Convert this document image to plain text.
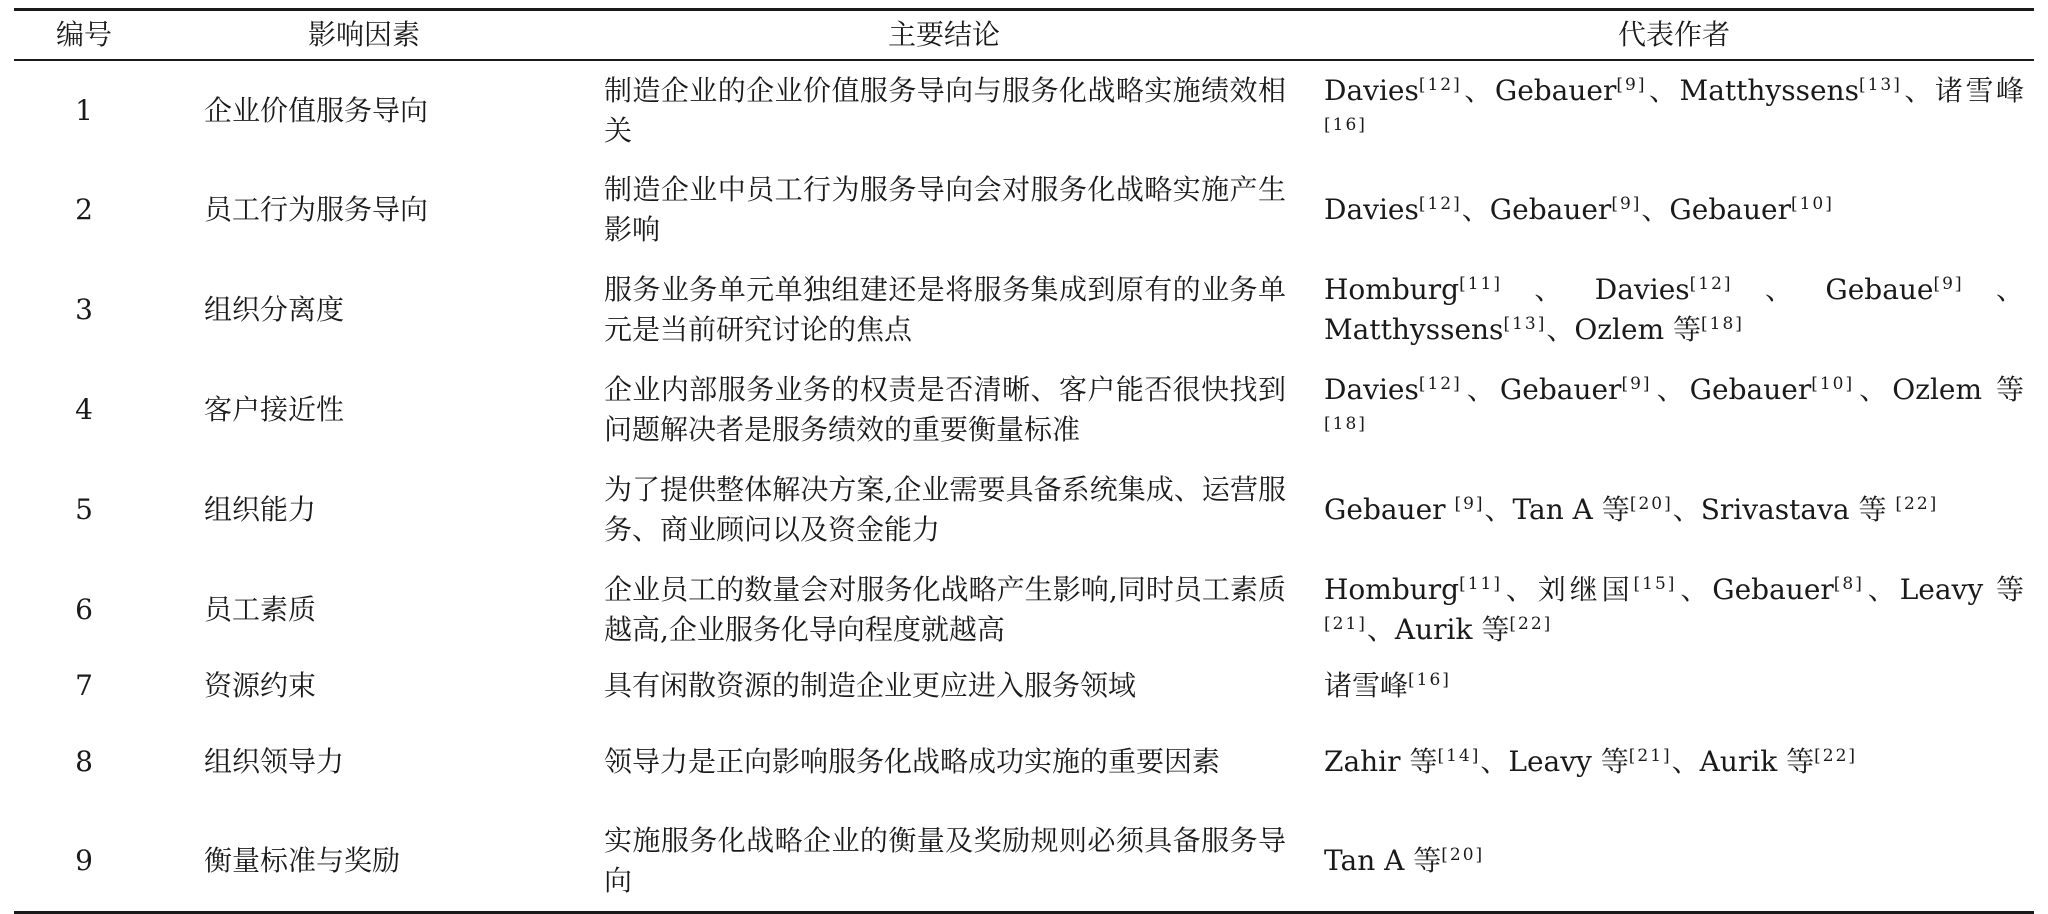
编号	影响因素	主要结论	代表作者
1	企业价值服务导向	制造企业的企业价值服务导向与服务化战略实施绩效相关	Davies[12]、Gebauer[9]、Matthyssens[13]、诸雪峰[16]
2	员工行为服务导向	制造企业中员工行为服务导向会对服务化战略实施产生影响	Davies[12]、Gebauer[9]、Gebauer[10]
3	组织分离度	服务业务单元单独组建还是将服务集成到原有的业务单元是当前研究讨论的焦点	Homburg[11]、Davies[12]、Gebaue[9]、Matthyssens[13]、Ozlem 等[18]
4	客户接近性	企业内部服务业务的权责是否清晰、客户能否很快找到问题解决者是服务绩效的重要衡量标准	Davies[12]、Gebauer[9]、Gebauer[10]、Ozlem 等[18]
5	组织能力	为了提供整体解决方案,企业需要具备系统集成、运营服务、商业顾问以及资金能力	Gebauer [9]、Tan A 等[20]、Srivastava 等 [22]
6	员工素质	企业员工的数量会对服务化战略产生影响,同时员工素质越高,企业服务化导向程度就越高	Homburg[11]、刘继国[15]、Gebauer[8]、Leavy 等[21]、Aurik 等[22]
7	资源约束	具有闲散资源的制造企业更应进入服务领域	诸雪峰[16]
8	组织领导力	领导力是正向影响服务化战略成功实施的重要因素	Zahir 等[14]、Leavy 等[21]、Aurik 等[22]
9	衡量标准与奖励	实施服务化战略企业的衡量及奖励规则必须具备服务导向	Tan A 等[20]
